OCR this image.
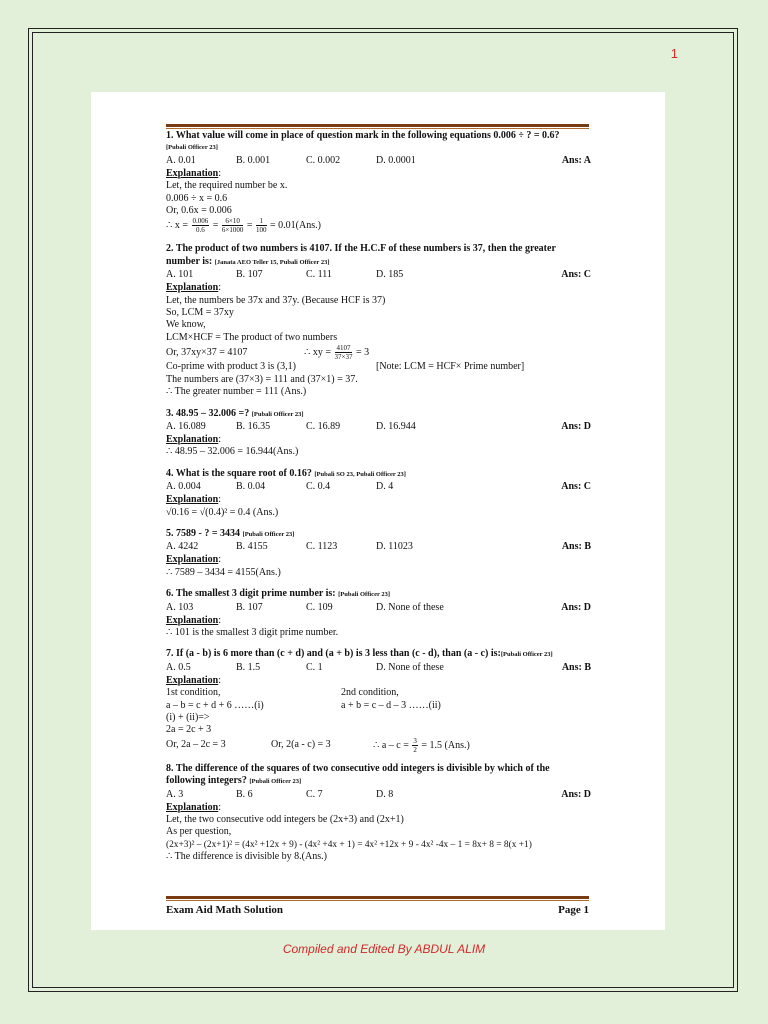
1
1. What value will come in place of question mark in the following equations 0.006 ÷ ? = 0.6?
[Pubali Officer 23]
A. 0.01	B. 0.001	C. 0.002	D. 0.0001	Ans: A
Explanation:
Let, the required number be x.
0.006 ÷ x = 0.6
Or, 0.6x = 0.006
∴ $x = \frac{0.006}{0.6} = \frac{6\times 10}{6\times 1000} = \frac{1}{100} = 0.01(Ans.)$
2. The product of two numbers is 4107. If the H.C.F of these numbers is 37, then the greater number is: [Janata AEO Teller 15, Pubali Officer 23]
A. 101	B. 107	C. 111	D. 185	Ans: C
Explanation:
Let, the numbers be 37x and 37y. (Because HCF is 37)
So, LCM = 37xy
We know,
LCM×HCF = The product of two numbers
Or, 37xy×37 = 4107	∴ xy = $\frac{4107}{37\times 37} = 3$
Co-prime with product 3 is (3,1)	[Note: LCM = HCF× Prime number]
The numbers are (37×3) = 111 and (37×1) = 37.
∴ The greater number = 111 (Ans.)
3. 48.95 – 32.006 =? [Pubali Officer 23]
A. 16.089	B. 16.35	C. 16.89	D. 16.944	Ans: D
Explanation:
∴ 48.95 – 32.006 = 16.944(Ans.)
4. What is the square root of 0.16? [Pubali SO 23, Pubali Officer 23]
A. 0.004	B. 0.04	C. 0.4	D. 4	Ans: C
Explanation:
√0.16 = √(0.4)² = 0.4 (Ans.)
5. 7589 - ? = 3434 [Pubali Officer 23]
A. 4242	B. 4155	C. 1123	D. 11023	Ans: B
Explanation:
∴ 7589 – 3434 = 4155(Ans.)
6. The smallest 3 digit prime number is: [Pubali Officer 23]
A. 103	B. 107	C. 109	D. None of these	Ans: D
Explanation:
∴ 101 is the smallest 3 digit prime number.
7. If (a - b) is 6 more than (c + d) and (a + b) is 3 less than (c - d), than (a - c) is:[Pubali Officer 23]
A. 0.5	B. 1.5	C. 1	D. None of these	Ans: B
Explanation:
1st condition,	2nd condition,
a – b = c + d + 6 ……(i)	a + b = c – d – 3 ……(ii)
(i) + (ii)=>
2a = 2c + 3
Or, 2a – 2c = 3	Or, 2(a - c) = 3	∴ $a - c = \frac{3}{2} = 1.5$ (Ans.)
8. The difference of the squares of two consecutive odd integers is divisible by which of the following integers? [Pubali Officer 23]
A. 3	B. 6	C. 7	D. 8	Ans: D
Explanation:
Let, the two consecutive odd integers be (2x+3) and (2x+1)
As per question,
(2x+3)² – (2x+1)² = (4x² +12x + 9) - (4x² +4x + 1) = 4x² +12x + 9 - 4x² -4x – 1 = 8x+ 8 = 8(x +1)
∴ The difference is divisible by 8.(Ans.)
Exam Aid Math Solution	Page 1
Compiled and Edited By ABDUL ALIM
